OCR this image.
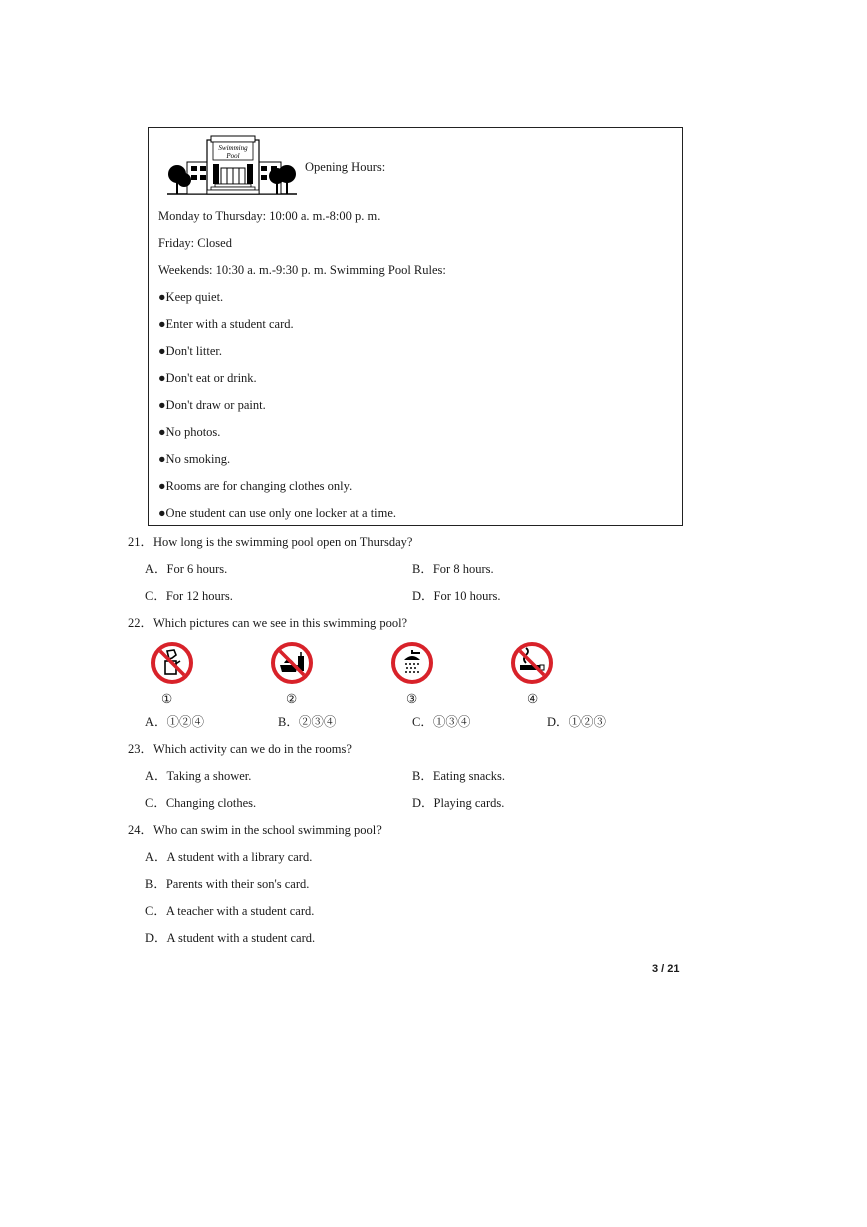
Swimming
Pool
Opening Hours:
Monday to Thursday: 10:00 a. m.-8:00 p. m.
Friday: Closed
Weekends: 10:30 a. m.-9:30 p. m. Swimming Pool Rules:
●Keep quiet.
●Enter with a student card.
●Don't litter.
●Don't eat or drink.
●Don't draw or paint.
●No photos.
●No smoking.
●Rooms are for changing clothes only.
●One student can use only one locker at a time.
21．How long is the swimming pool open on Thursday?
A．For 6 hours.	B．For 8 hours.
C．For 12 hours.	D．For 10 hours.
22．Which pictures can we see in this swimming pool?
①	②	③	④
A．①②④	B．②③④	C．①③④	D．①②③
23．Which activity can we do in the rooms?
A．Taking a shower.	B．Eating snacks.
C．Changing clothes.	D．Playing cards.
24．Who can swim in the school swimming pool?
A．A student with a library card.
B．Parents with their son's card.
C．A teacher with a student card.
D．A student with a student card.
3 / 21
